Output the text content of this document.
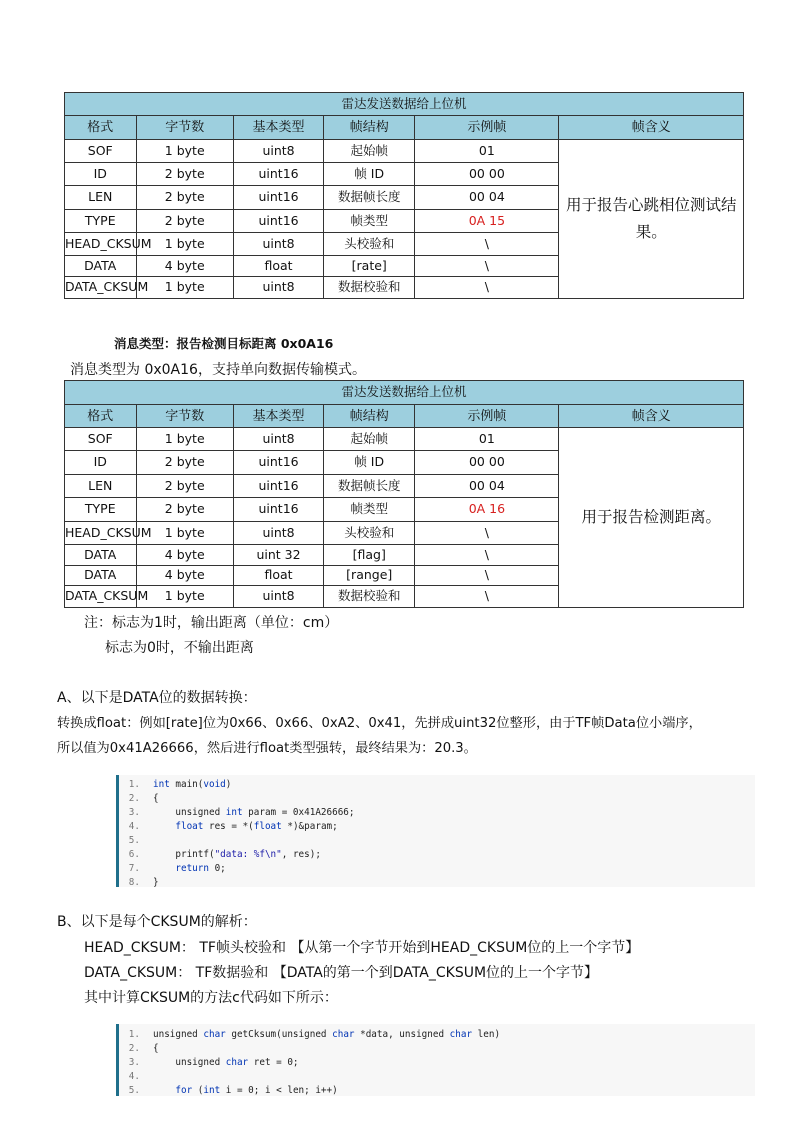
雷达发送数据给上位机					
格式	字节数	基本类型	帧结构	示例帧	帧含义
SOF	1 byte	uint8	起始帧	01	用于报告心跳相位测试结果。
ID	2 byte	uint16	帧 ID	00 00	
LEN	2 byte	uint16	数据帧长度	00 04	
TYPE	2 byte	uint16	帧类型	0A 15	
HEAD_CKSUM	1 byte	uint8	头校验和	\	
DATA	4 byte	float	[rate]	\	
DATA_CKSUM	1 byte	uint8	数据校验和	\	
消息类型：报告检测目标距离 0x0A16
消息类型为 0x0A16，支持单向数据传输模式。
雷达发送数据给上位机					
格式	字节数	基本类型	帧结构	示例帧	帧含义
SOF	1 byte	uint8	起始帧	01	用于报告检测距离。
ID	2 byte	uint16	帧 ID	00 00	
LEN	2 byte	uint16	数据帧长度	00 04	
TYPE	2 byte	uint16	帧类型	0A 16	
HEAD_CKSUM	1 byte	uint8	头校验和	\	
DATA	4 byte	uint 32	[flag]	\	
DATA	4 byte	float	[range]	\	
DATA_CKSUM	1 byte	uint8	数据校验和	\	
注：标志为1时，输出距离（单位：cm）
标志为0时，不输出距离
A、以下是DATA位的数据转换：
转换成float：例如[rate]位为0x66、0x66、0xA2、0x41，先拼成uint32位整形，由于TF帧Data位小端序，
所以值为0x41A26666，然后进行float类型强转，最终结果为：20.3。
1.
2.
3.
4.
5.
6.
7.
8.
int main(void)
{
unsigned int param = 0x41A26666;
float res = *(float *)&param;
printf("data: %f\n", res);
return 0;
}
B、以下是每个CKSUM的解析：
HEAD_CKSUM： TF帧头校验和 【从第一个字节开始到HEAD_CKSUM位的上一个字节】
DATA_CKSUM： TF数据验和 【DATA的第一个到DATA_CKSUM位的上一个字节】
其中计算CKSUM的方法c代码如下所示：
1.
2.
3.
4.
5.
unsigned char getCksum(unsigned char *data, unsigned char len)
{
unsigned char ret = 0;
for (int i = 0; i < len; i++)
